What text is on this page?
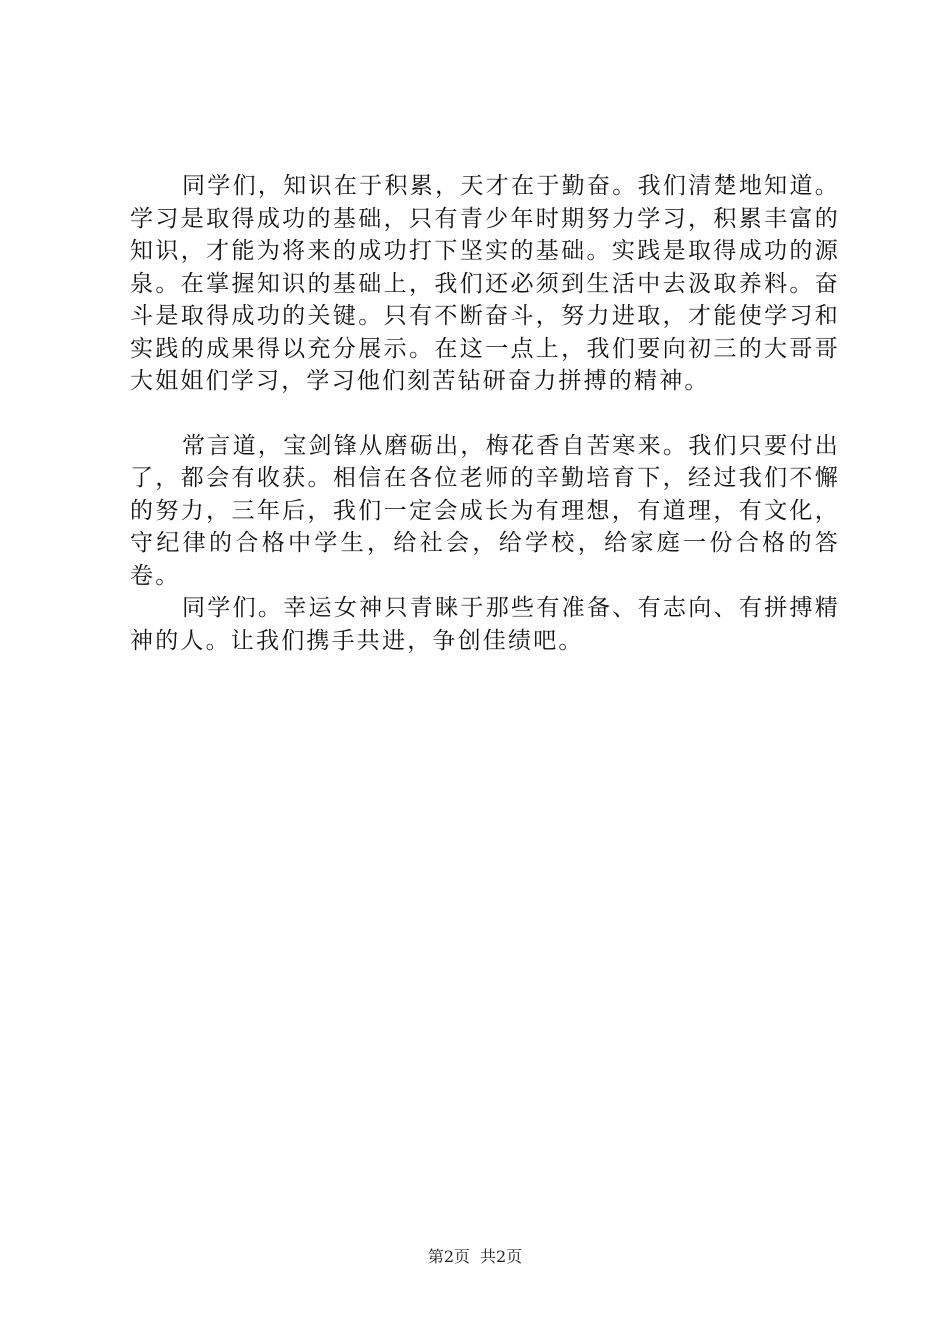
同学们，知识在于积累，天才在于勤奋。我们清楚地知道。学习是取得成功的基础，只有青少年时期努力学习，积累丰富的知识，才能为将来的成功打下坚实的基础。实践是取得成功的源泉。在掌握知识的基础上，我们还必须到生活中去汲取养料。奋斗是取得成功的关键。只有不断奋斗，努力进取，才能使学习和实践的成果得以充分展示。在这一点上，我们要向初三的大哥哥大姐姐们学习，学习他们刻苦钻研奋力拼搏的精神。

常言道，宝剑锋从磨砺出，梅花香自苦寒来。我们只要付出了，都会有收获。相信在各位老师的辛勤培育下，经过我们不懈的努力，三年后，我们一定会成长为有理想，有道理，有文化，守纪律的合格中学生，给社会，给学校，给家庭一份合格的答卷。

同学们。幸运女神只青睐于那些有准备、有志向、有拼搏精神的人。让我们携手共进，争创佳绩吧。

第2页 共2页
